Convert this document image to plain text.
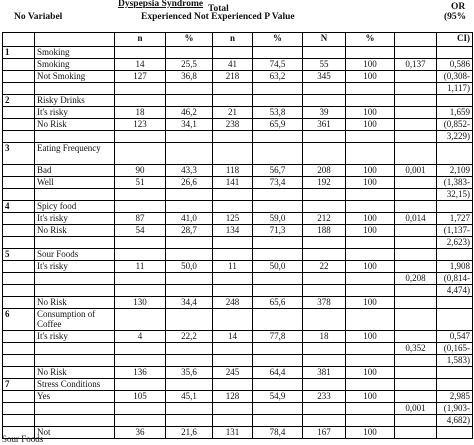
Dyspepsia Syndrome Total
No Variabel	Experienced Not Experienced P Value
OR
(95%
		n	%	n	%	N	%		CI)
1	Smoking								
	Smoking	14	25,5	41	74,5	55	100	0,137	0,586
	Not Smoking	127	36,8	218	63,2	345	100		(0,308-
									1,117)
2	Risky Drinks								
	It's risky	18	46,2	21	53,8	39	100		1,659
	No Risk	123	34,1	238	65,9	361	100		(0,852-
									3,229)
3	Eating Frequency								
	Bad	90	43,3	118	56,7	208	100	0,001	2,109
	Well	51	26,6	141	73,4	192	100		(1,383-
									32,15)
4	Spicy food								
	It's risky	87	41,0	125	59,0	212	100	0,014	1,727
	No Risk	54	28,7	134	71,3	188	100		(1,137-
									2,623)
5	Sour Foods								
	It's risky	11	50,0	11	50,0	22	100		1,908
								0,208	(0,814-
									4,474)
	No Risk	130	34,4	248	65,6	378	100		
6	Consumption of Coffee								
	It's risky	4	22,2	14	77,8	18	100		0,547
								0,352	(0,165-
									1,583)
	No Risk	136	35,6	245	64,4	381	100		
7	Stress Conditions								
	Yes	105	45,1	128	54,9	233	100		2,985
								0,001	(1,903-
									4,682)
	Not	36	21,6	131	78,4	167	100		
Sour Foods
